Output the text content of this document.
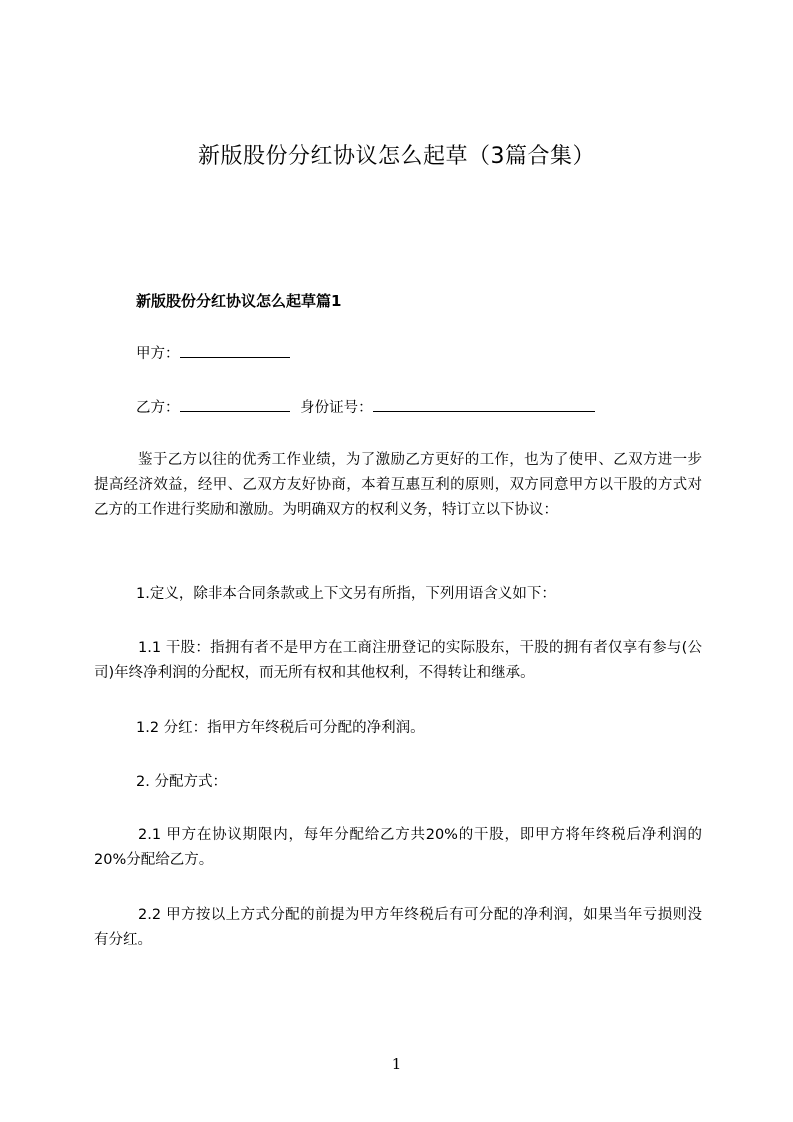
新版股份分红协议怎么起草（3篇合集）
新版股份分红协议怎么起草篇1
甲方：
乙方：	身份证号：
鉴于乙方以往的优秀工作业绩，为了激励乙方更好的工作，也为了使甲、乙双方进一步提高经济效益，经甲、乙双方友好协商，本着互惠互利的原则，双方同意甲方以干股的方式对乙方的工作进行奖励和激励。为明确双方的权利义务，特订立以下协议：
1.定义，除非本合同条款或上下文另有所指，下列用语含义如下：
1.1 干股：指拥有者不是甲方在工商注册登记的实际股东，干股的拥有者仅享有参与(公司)年终净利润的分配权，而无所有权和其他权利，不得转让和继承。
1.2 分红：指甲方年终税后可分配的净利润。
2. 分配方式：
2.1 甲方在协议期限内，每年分配给乙方共20%的干股，即甲方将年终税后净利润的20%分配给乙方。
2.2 甲方按以上方式分配的前提为甲方年终税后有可分配的净利润，如果当年亏损则没有分红。
1
